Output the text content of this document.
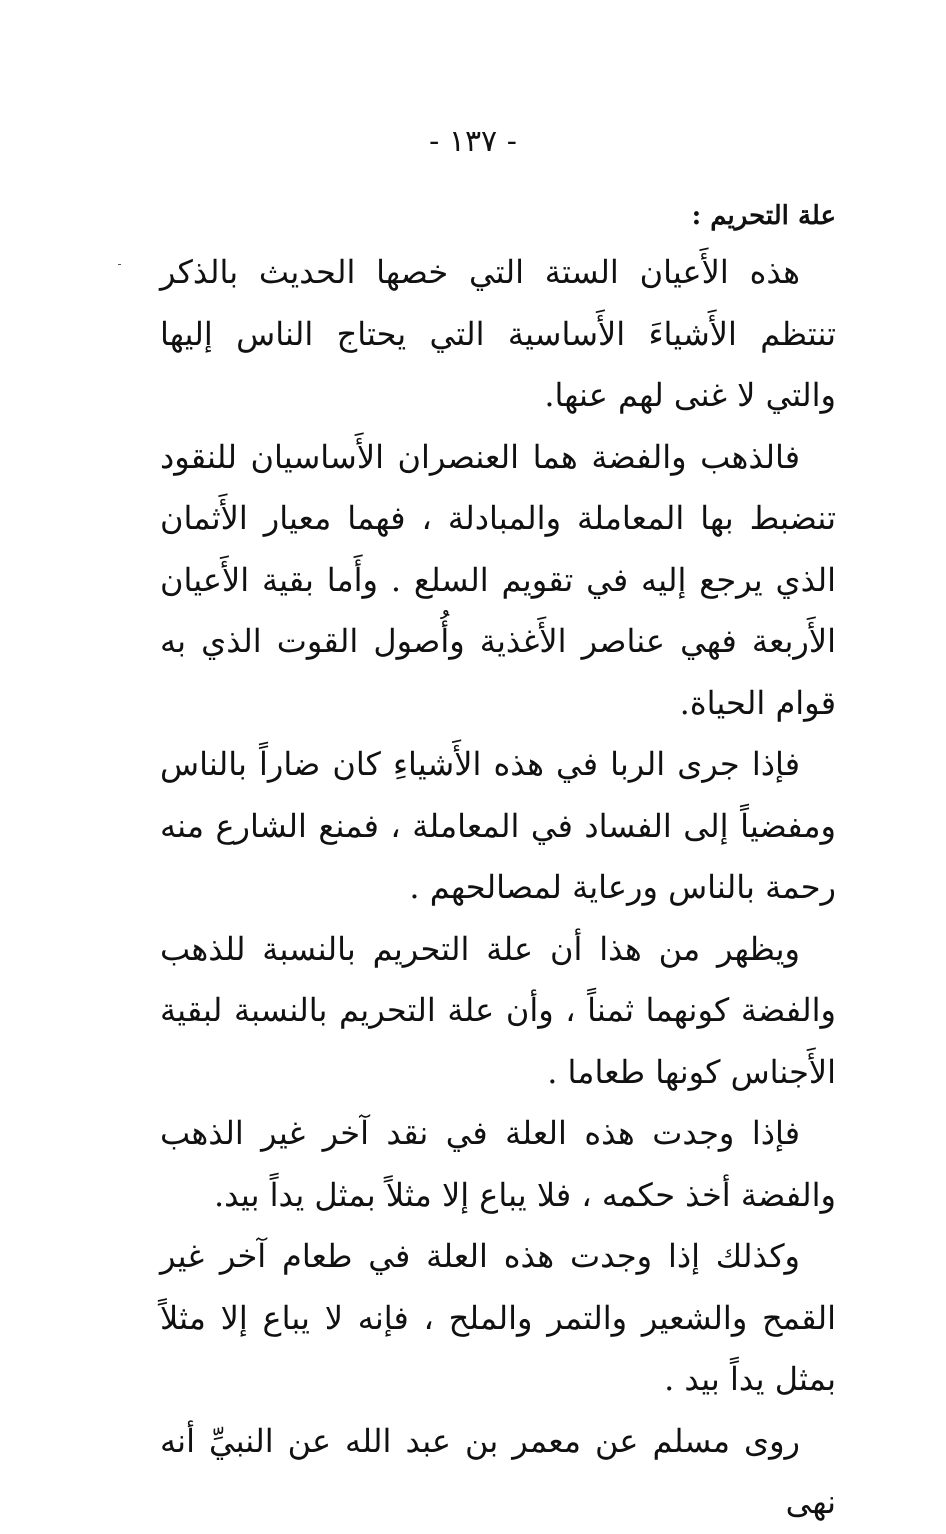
- ١٣٧ -

علة التحريم :

هذه الأَعيان الستة التي خصها الحديث بالذكر تنتظم الأَشياءَ الأَساسية التي يحتاج الناس إليها والتي لا غنى لهم عنها.

فالذهب والفضة هما العنصران الأَساسيان للنقود تنضبط بها المعاملة والمبادلة ، فهما معيار الأَثمان الذي يرجع إليه في تقويم السلع . وأَما بقية الأَعيان الأَربعة فهي عناصر الأَغذية وأُصول القوت الذي به قوام الحياة.

فإذا جرى الربا في هذه الأَشياءِ كان ضاراً بالناس ومفضياً إلى الفساد في المعاملة ، فمنع الشارع منه رحمة بالناس ورعاية لمصالحهم .

ويظهر من هذا أن علة التحريم بالنسبة للذهب والفضة كونهما ثمناً ، وأن علة التحريم بالنسبة لبقية الأَجناس كونها طعاما .

فإذا وجدت هذه العلة في نقد آخر غير الذهب والفضة أخذ حكمه ، فلا يباع إلا مثلاً بمثل يداً بيد.

وكذلك إذا وجدت هذه العلة في طعام آخر غير القمح والشعير والتمر والملح ، فإنه لا يباع إلا مثلاً بمثل يداً بيد .

روى مسلم عن معمر بن عبد الله عن النبيِّ أنه نهى
